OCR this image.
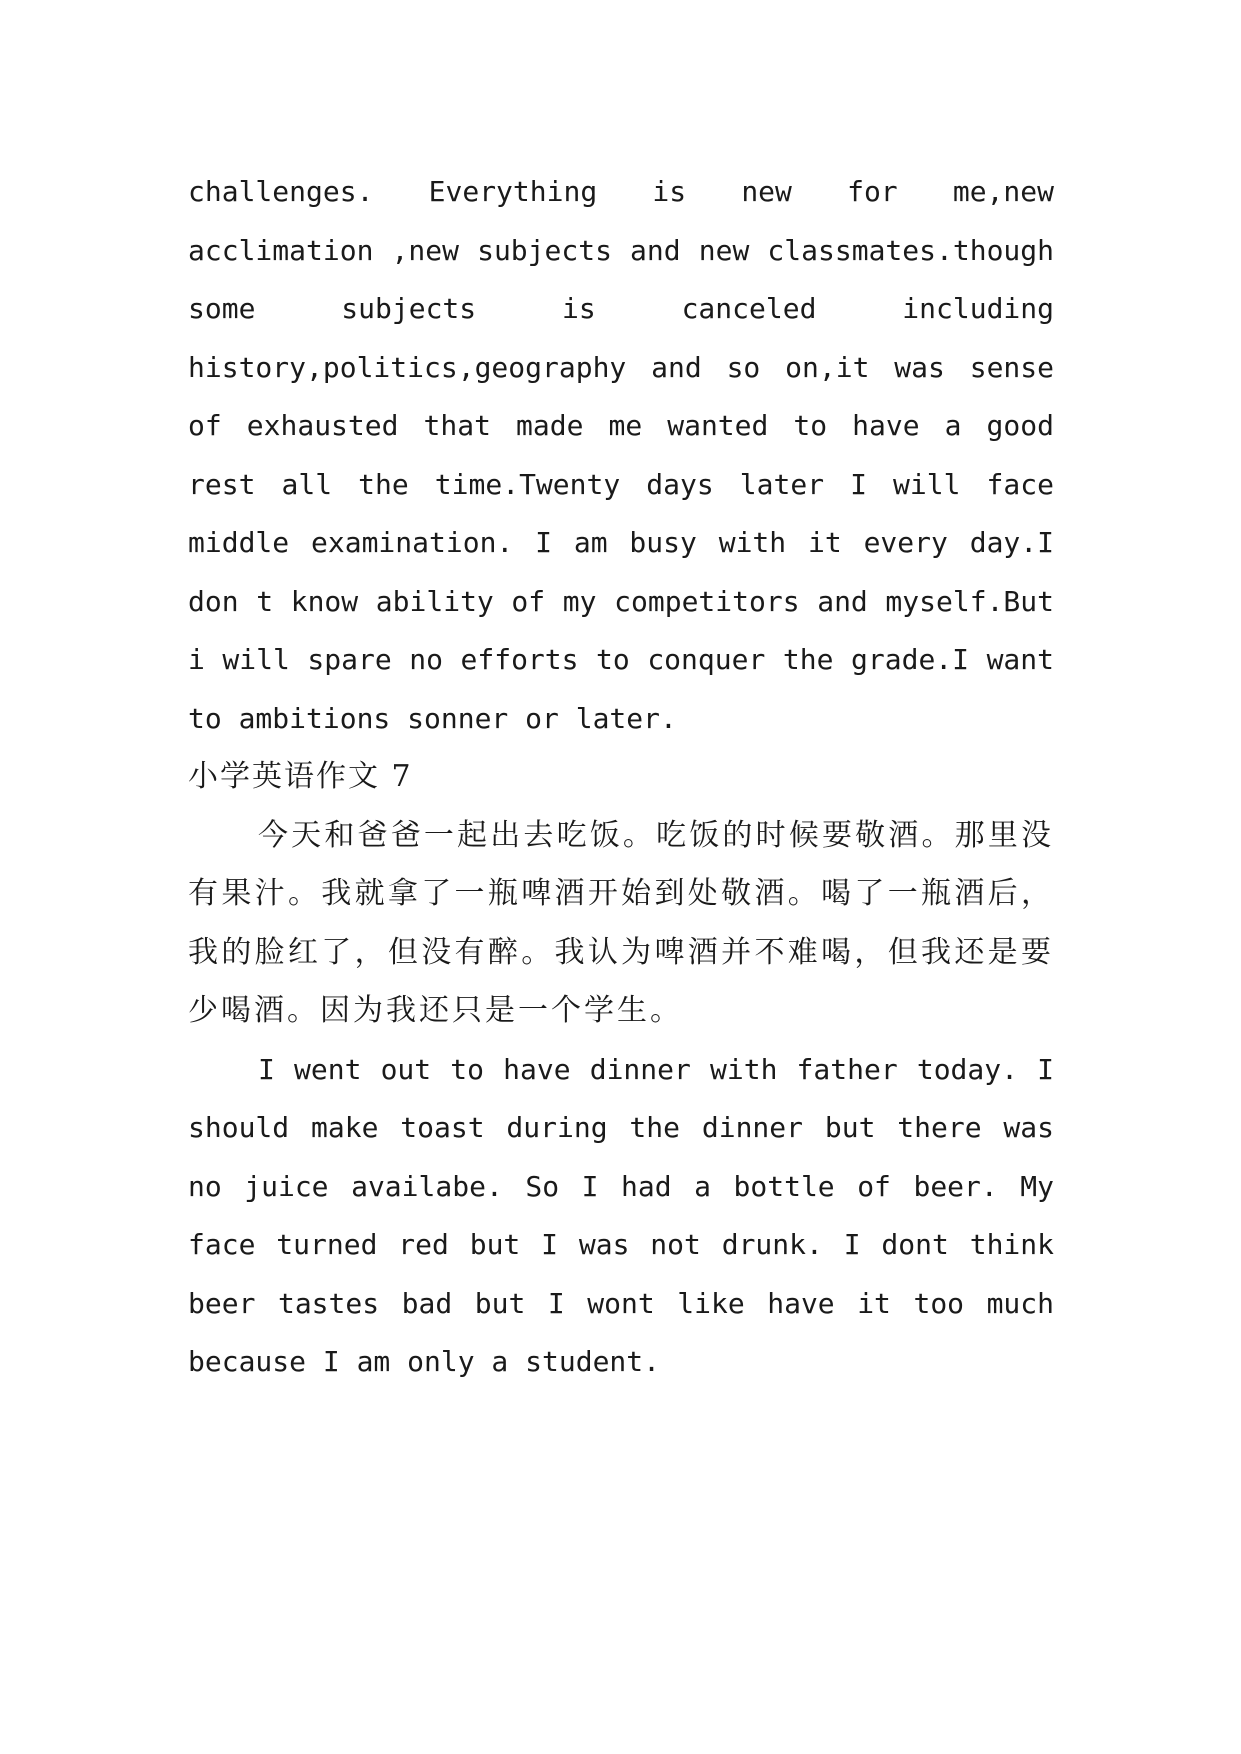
challenges. Everything is new for me,new
acclimation ,new subjects and new classmates.though
some subjects is canceled including
history,politics,geography and so on,it was sense
of exhausted that made me wanted to have a good
rest all the time.Twenty days later I will face
middle examination. I am busy with it every day.I
don t know ability of my competitors and myself.But
i will spare no efforts to conquer the grade.I want
to ambitions sonner or later.
小学英语作文 7
今天和爸爸一起出去吃饭。吃饭的时候要敬酒。那里没
有果汁。我就拿了一瓶啤酒开始到处敬酒。喝了一瓶酒后，
我的脸红了，但没有醉。我认为啤酒并不难喝，但我还是要
少喝酒。因为我还只是一个学生。
I went out to have dinner with father today. I
should make toast during the dinner but there was
no juice availabe. So I had a bottle of beer. My
face turned red but I was not drunk. I dont think
beer tastes bad but I wont like have it too much
because I am only a student.
